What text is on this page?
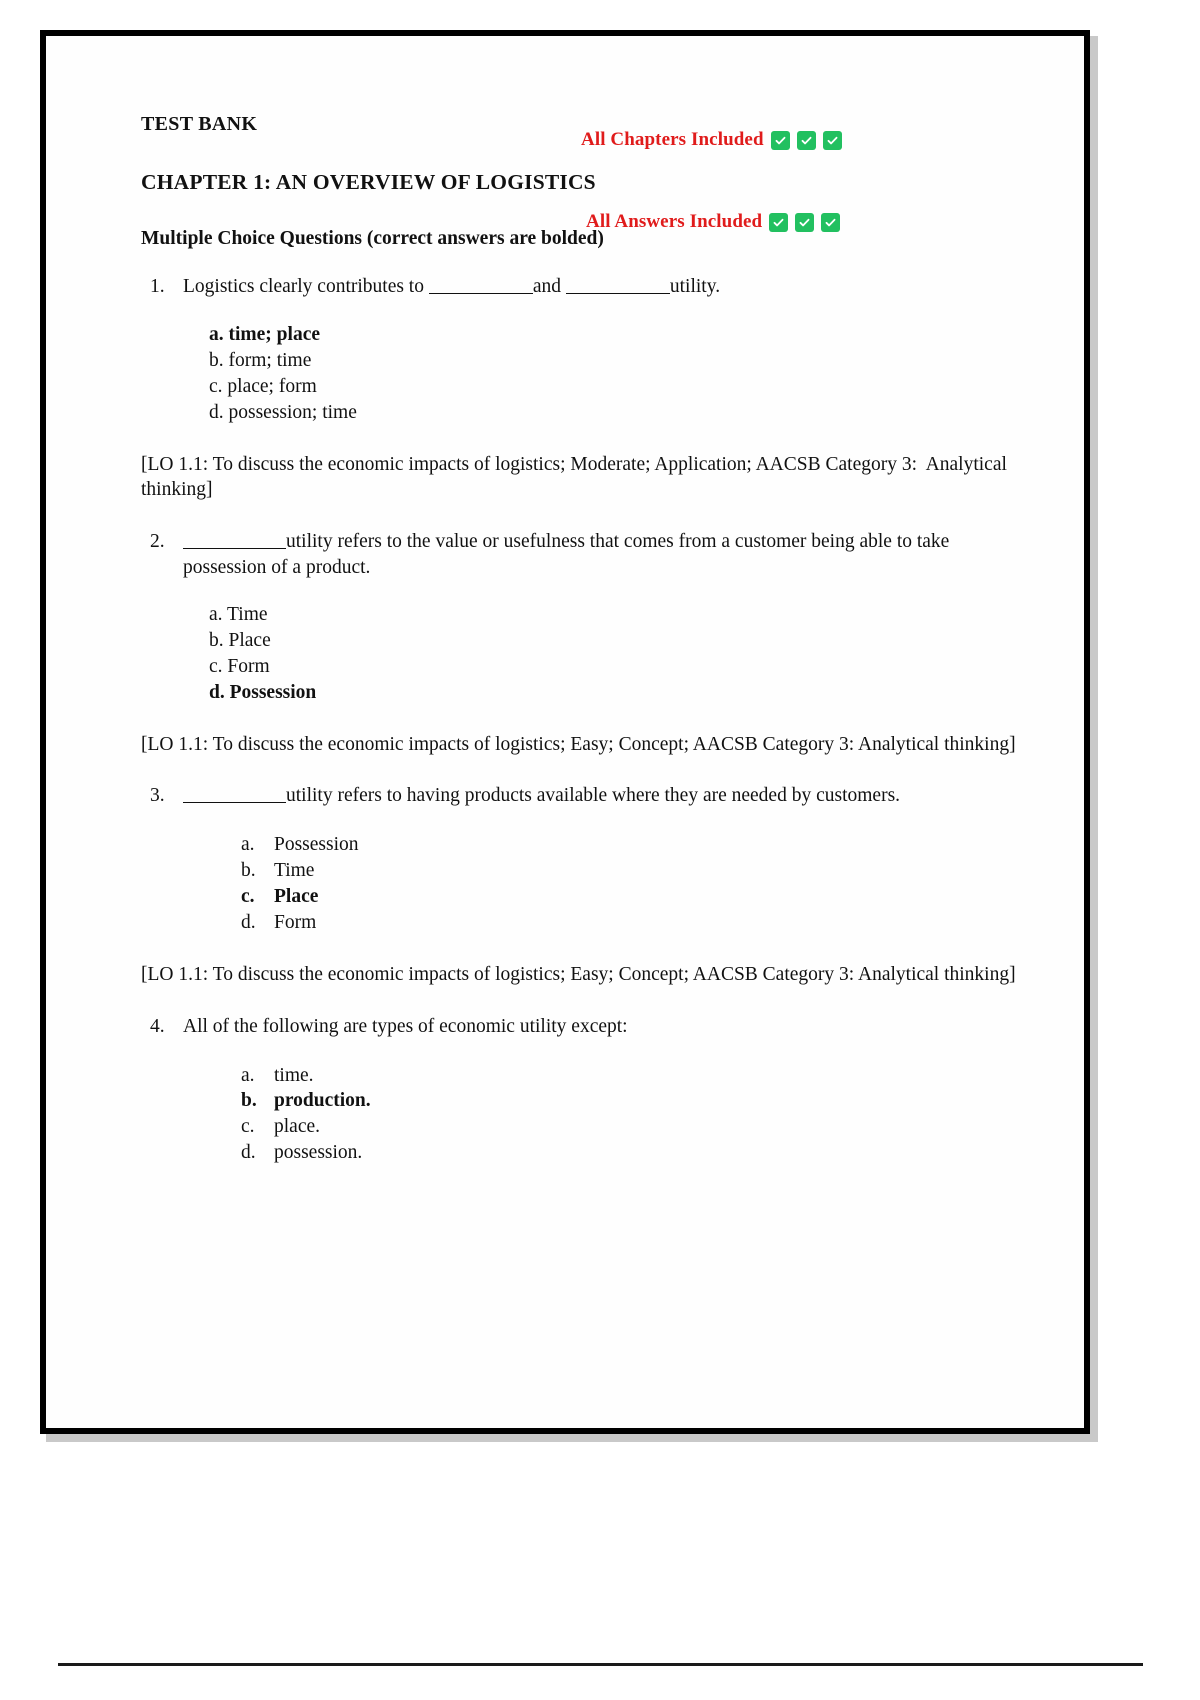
All Chapters Included
All Answers Included
TEST BANK
CHAPTER 1: AN OVERVIEW OF LOGISTICS
Multiple Choice Questions (correct answers are bolded)
1. Logistics clearly contributes to	and	utility.
a. time; place
b. form; time
c. place; form
d. possession; time
[LO 1.1: To discuss the economic impacts of logistics; Moderate; Application; AACSB Category 3:  Analytical thinking]
2.	utility refers to the value or usefulness that comes from a customer being able to take possession of a product.
a. Time
b. Place
c. Form
d. Possession
[LO 1.1: To discuss the economic impacts of logistics; Easy; Concept; AACSB Category 3: Analytical thinking]
3.	utility refers to having products available where they are needed by customers.
a. Possession
b. Time
c. Place
d. Form
[LO 1.1: To discuss the economic impacts of logistics; Easy; Concept; AACSB Category 3: Analytical thinking]
4. All of the following are types of economic utility except:
a. time.
b. production.
c. place.
d. possession.
